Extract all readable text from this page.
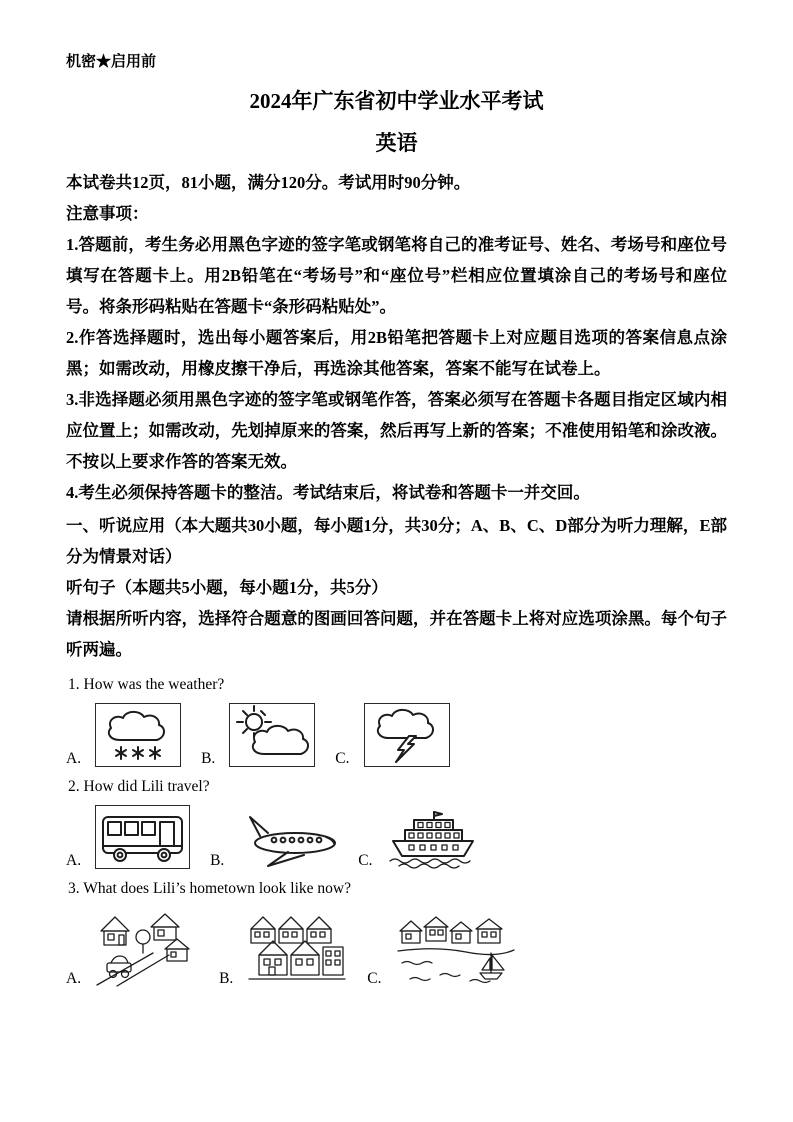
机密★启用前
2024年广东省初中学业水平考试
英语

本试卷共12页，81小题，满分120分。考试用时90分钟。

注意事项：

1.答题前，考生务必用黑色字迹的签字笔或钢笔将自己的准考证号、姓名、考场号和座位号填写在答题卡上。用2B铅笔在“考场号”和“座位号”栏相应位置填涂自己的考场号和座位号。将条形码粘贴在答题卡“条形码粘贴处”。

2.作答选择题时，选出每小题答案后，用2B铅笔把答题卡上对应题目选项的答案信息点涂黑；如需改动，用橡皮擦干净后，再选涂其他答案，答案不能写在试卷上。

3.非选择题必须用黑色字迹的签字笔或钢笔作答，答案必须写在答题卡各题目指定区域内相应位置上；如需改动，先划掉原来的答案，然后再写上新的答案；不准使用铅笔和涂改液。不按以上要求作答的答案无效。

4.考生必须保持答题卡的整洁。考试结束后，将试卷和答题卡一并交回。

一、听说应用（本大题共30小题，每小题1分，共30分；A、B、C、D部分为听力理解，E部分为情景对话）

听句子（本题共5小题，每小题1分，共5分）

请根据所听内容，选择符合题意的图画回答问题，并在答题卡上将对应选项涂黑。每个句子听两遍。

1. How was the weather?

A.	B.	C.

2. How did Lili travel?

A.	B.	C.

3. What does Lili’s hometown look like now?

A.	B.	C.
